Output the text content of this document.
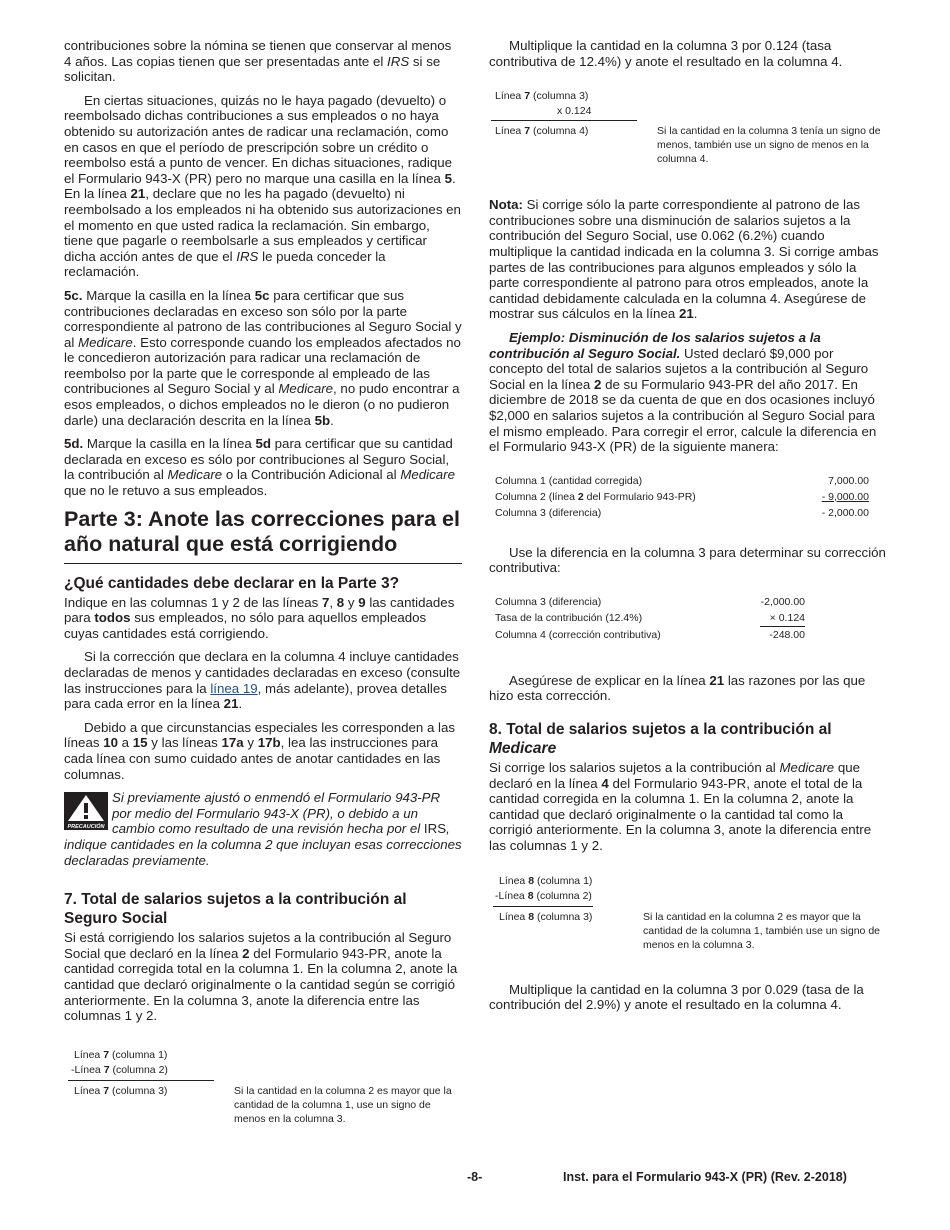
contribuciones sobre la nómina se tienen que conservar al menos 4 años. Las copias tienen que ser presentadas ante el IRS si se solicitan.

En ciertas situaciones, quizás no le haya pagado (devuelto) o reembolsado dichas contribuciones a sus empleados o no haya obtenido su autorización antes de radicar una reclamación, como en casos en que el período de prescripción sobre un crédito o reembolso está a punto de vencer. En dichas situaciones, radique el Formulario 943-X (PR) pero no marque una casilla en la línea 5. En la línea 21, declare que no les ha pagado (devuelto) ni reembolsado a los empleados ni ha obtenido sus autorizaciones en el momento en que usted radica la reclamación. Sin embargo, tiene que pagarle o reembolsarle a sus empleados y certificar dicha acción antes de que el IRS le pueda conceder la reclamación.

5c. Marque la casilla en la línea 5c para certificar que sus contribuciones declaradas en exceso son sólo por la parte correspondiente al patrono de las contribuciones al Seguro Social y al Medicare. Esto corresponde cuando los empleados afectados no le concedieron autorización para radicar una reclamación de reembolso por la parte que le corresponde al empleado de las contribuciones al Seguro Social y al Medicare, no pudo encontrar a esos empleados, o dichos empleados no le dieron (o no pudieron darle) una declaración descrita en la línea 5b.

5d. Marque la casilla en la línea 5d para certificar que su cantidad declarada en exceso es sólo por contribuciones al Seguro Social, la contribución al Medicare o la Contribución Adicional al Medicare que no le retuvo a sus empleados.

Parte 3: Anote las correcciones para el año natural que está corrigiendo
¿Qué cantidades debe declarar en la Parte 3?

Indique en las columnas 1 y 2 de las líneas 7, 8 y 9 las cantidades para todos sus empleados, no sólo para aquellos empleados cuyas cantidades está corrigiendo.

Si la corrección que declara en la columna 4 incluye cantidades declaradas de menos y cantidades declaradas en exceso (consulte las instrucciones para la línea 19, más adelante), provea detalles para cada error en la línea 21.

Debido a que circunstancias especiales les corresponden a las líneas 10 a 15 y las líneas 17a y 17b, lea las instrucciones para cada línea con sumo cuidado antes de anotar cantidades en las columnas.

PRECAUCIÓN
Si previamente ajustó o enmendó el Formulario 943-PR por medio del Formulario 943-X (PR), o debido a un cambio como resultado de una revisión hecha por el IRS, indique cantidades en la columna 2 que incluyan esas correcciones declaradas previamente.
7. Total de salarios sujetos a la contribución al Seguro Social

Si está corrigiendo los salarios sujetos a la contribución al Seguro Social que declaró en la línea 2 del Formulario 943-PR, anote la cantidad corregida total en la columna 1. En la columna 2, anote la cantidad que declaró originalmente o la cantidad según se corrigió anteriormente. En la columna 3, anote la diferencia entre las columnas 1 y 2.

Línea 7 (columna 1)
-Línea 7 (columna 2)
Línea 7 (columna 3)	Si la cantidad en la columna 2 es mayor que la cantidad de la columna 1, use un signo de menos en la columna 3.

Multiplique la cantidad en la columna 3 por 0.124 (tasa contributiva de 12.4%) y anote el resultado en la columna 4.

Línea 7 (columna 3)
x 0.124
Línea 7 (columna 4)	Si la cantidad en la columna 3 tenía un signo de menos, también use un signo de menos en la columna 4.

Nota: Si corrige sólo la parte correspondiente al patrono de las contribuciones sobre una disminución de salarios sujetos a la contribución del Seguro Social, use 0.062 (6.2%) cuando multiplique la cantidad indicada en la columna 3. Si corrige ambas partes de las contribuciones para algunos empleados y sólo la parte correspondiente al patrono para otros empleados, anote la cantidad debidamente calculada en la columna 4. Asegúrese de mostrar sus cálculos en la línea 21.

Ejemplo: Disminución de los salarios sujetos a la contribución al Seguro Social. Usted declaró $9,000 por concepto del total de salarios sujetos a la contribución al Seguro Social en la línea 2 de su Formulario 943-PR del año 2017. En diciembre de 2018 se da cuenta de que en dos ocasiones incluyó $2,000 en salarios sujetos a la contribución al Seguro Social para el mismo empleado. Para corregir el error, calcule la diferencia en el Formulario 943-X (PR) de la siguiente manera:

Columna 1 (cantidad corregida)	7,000.00
Columna 2 (línea 2 del Formulario 943-PR)	- 9,000.00
Columna 3 (diferencia)	- 2,000.00

Use la diferencia en la columna 3 para determinar su corrección contributiva:

Columna 3 (diferencia)	-2,000.00
Tasa de la contribución (12.4%)	× 0.124
Columna 4 (corrección contributiva)	-248.00

Asegúrese de explicar en la línea 21 las razones por las que hizo esta corrección.

8. Total de salarios sujetos a la contribución al Medicare

Si corrige los salarios sujetos a la contribución al Medicare que declaró en la línea 4 del Formulario 943-PR, anote el total de la cantidad corregida en la columna 1. En la columna 2, anote la cantidad que declaró originalmente o la cantidad tal como la corrigió anteriormente. En la columna 3, anote la diferencia entre las columnas 1 y 2.

Línea 8 (columna 1)
-Línea 8 (columna 2)
Línea 8 (columna 3)	Si la cantidad en la columna 2 es mayor que la cantidad de la columna 1, también use un signo de menos en la columna 3.

Multiplique la cantidad en la columna 3 por 0.029 (tasa de la contribución del 2.9%) y anote el resultado en la columna 4.

-8-	Inst. para el Formulario 943-X (PR) (Rev. 2-2018)
